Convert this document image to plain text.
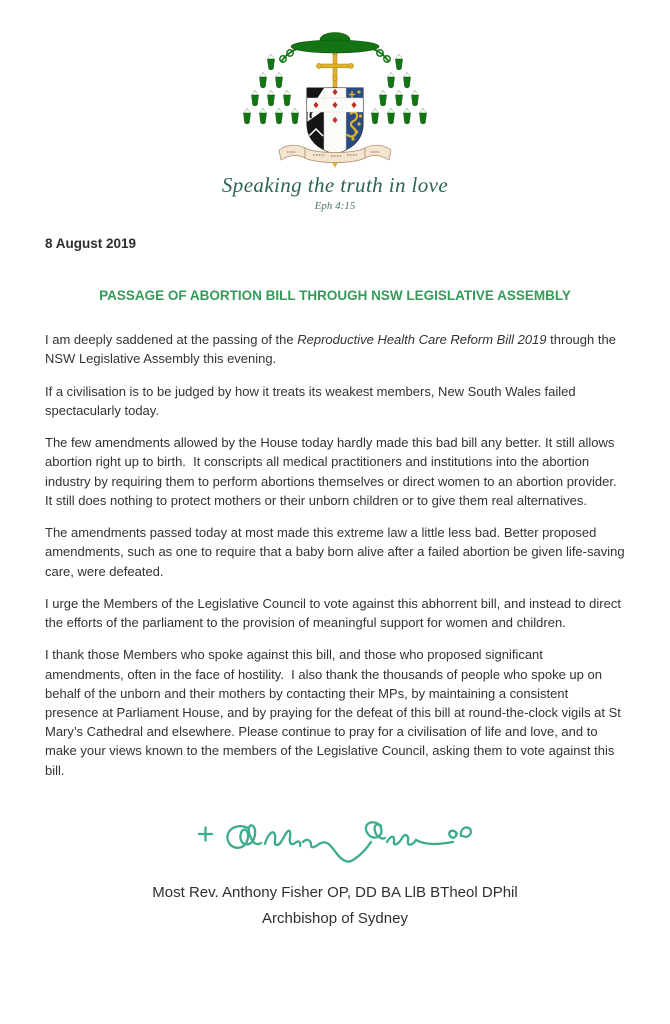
Speaking the truth in love
Eph 4:15
8 August 2019
PASSAGE OF ABORTION BILL THROUGH NSW LEGISLATIVE ASSEMBLY

I am deeply saddened at the passing of the Reproductive Health Care Reform Bill 2019 through the NSW Legislative Assembly this evening.

If a civilisation is to be judged by how it treats its weakest members, New South Wales failed spectacularly today.

The few amendments allowed by the House today hardly made this bad bill any better. It still allows abortion right up to birth.  It conscripts all medical practitioners and institutions into the abortion industry by requiring them to perform abortions themselves or direct women to an abortion provider.  It still does nothing to protect mothers or their unborn children or to give them real alternatives.

The amendments passed today at most made this extreme law a little less bad. Better proposed amendments, such as one to require that a baby born alive after a failed abortion be given life-saving care, were defeated.

I urge the Members of the Legislative Council to vote against this abhorrent bill, and instead to direct the efforts of the parliament to the provision of meaningful support for women and children.

I thank those Members who spoke against this bill, and those who proposed significant amendments, often in the face of hostility.  I also thank the thousands of people who spoke up on behalf of the unborn and their mothers by contacting their MPs, by maintaining a consistent presence at Parliament House, and by praying for the defeat of this bill at round-the-clock vigils at St Mary’s Cathedral and elsewhere. Please continue to pray for a civilisation of life and love, and to make your views known to the members of the Legislative Council, asking them to vote against this bill.

Most Rev. Anthony Fisher OP, DD BA LlB BTheol DPhil
Archbishop of Sydney
